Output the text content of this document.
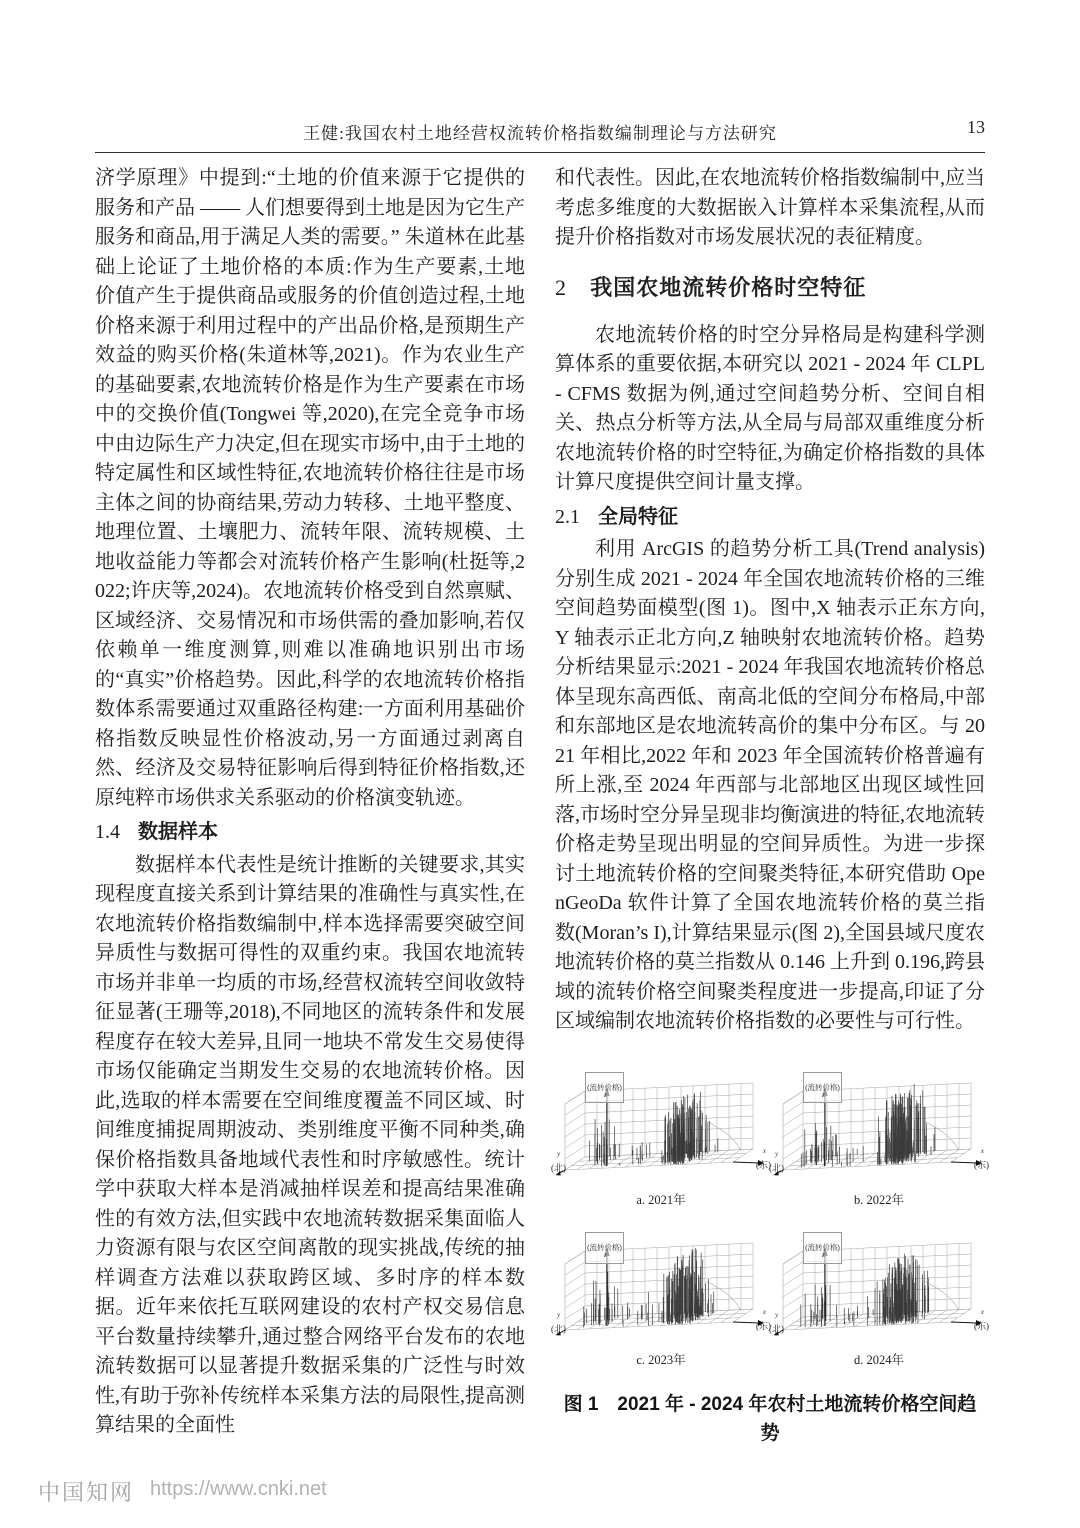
王健:我国农村土地经营权流转价格指数编制理论与方法研究	13

济学原理》中提到:“土地的价值来源于它提供的服务和产品 —— 人们想要得到土地是因为它生产服务和商品,用于满足人类的需要。” 朱道林在此基础上论证了土地价格的本质:作为生产要素,土地价值产生于提供商品或服务的价值创造过程,土地价格来源于利用过程中的产出品价格,是预期生产效益的购买价格(朱道林等,2021)。作为农业生产的基础要素,农地流转价格是作为生产要素在市场中的交换价值(Tongwei 等,2020),在完全竞争市场中由边际生产力决定,但在现实市场中,由于土地的特定属性和区域性特征,农地流转价格往往是市场主体之间的协商结果,劳动力转移、土地平整度、地理位置、土壤肥力、流转年限、流转规模、土地收益能力等都会对流转价格产生影响(杜挺等,2022;许庆等,2024)。农地流转价格受到自然禀赋、区域经济、交易情况和市场供需的叠加影响,若仅依赖单一维度测算,则难以准确地识别出市场的“真实”价格趋势。因此,科学的农地流转价格指数体系需要通过双重路径构建:一方面利用基础价格指数反映显性价格波动,另一方面通过剥离自然、经济及交易特征影响后得到特征价格指数,还原纯粹市场供求关系驱动的价格演变轨迹。

1.4 数据样本

数据样本代表性是统计推断的关键要求,其实现程度直接关系到计算结果的准确性与真实性,在农地流转价格指数编制中,样本选择需要突破空间异质性与数据可得性的双重约束。我国农地流转市场并非单一均质的市场,经营权流转空间收敛特征显著(王珊等,2018),不同地区的流转条件和发展程度存在较大差异,且同一地块不常发生交易使得市场仅能确定当期发生交易的农地流转价格。因此,选取的样本需要在空间维度覆盖不同区域、时间维度捕捉周期波动、类别维度平衡不同种类,确保价格指数具备地域代表性和时序敏感性。统计学中获取大样本是消减抽样误差和提高结果准确性的有效方法,但实践中农地流转数据采集面临人力资源有限与农区空间离散的现实挑战,传统的抽样调查方法难以获取跨区域、多时序的样本数据。近年来依托互联网建设的农村产权交易信息平台数量持续攀升,通过整合网络平台发布的农地流转数据可以显著提升数据采集的广泛性与时效性,有助于弥补传统样本采集方法的局限性,提高测算结果的全面性

和代表性。因此,在农地流转价格指数编制中,应当考虑多维度的大数据嵌入计算样本采集流程,从而提升价格指数对市场发展状况的表征精度。

2 我国农地流转价格时空特征

农地流转价格的时空分异格局是构建科学测算体系的重要依据,本研究以 2021 - 2024 年 CLPL - CFMS 数据为例,通过空间趋势分析、空间自相关、热点分析等方法,从全局与局部双重维度分析农地流转价格的时空特征,为确定价格指数的具体计算尺度提供空间计量支撑。

2.1 全局特征

利用 ArcGIS 的趋势分析工具(Trend analysis)分别生成 2021 - 2024 年全国农地流转价格的三维空间趋势面模型(图 1)。图中,X 轴表示正东方向,Y 轴表示正北方向,Z 轴映射农地流转价格。趋势分析结果显示:2021 - 2024 年我国农地流转价格总体呈现东高西低、南高北低的空间分布格局,中部和东部地区是农地流转高价的集中分布区。与 2021 年相比,2022 年和 2023 年全国流转价格普遍有所上涨,至 2024 年西部与北部地区出现区域性回落,市场时空分异呈现非均衡演进的特征,农地流转价格走势呈现出明显的空间异质性。为进一步探讨土地流转价格的空间聚类特征,本研究借助 OpenGeoDa 软件计算了全国农地流转价格的莫兰指数(Moran’s I),计算结果显示(图 2),全国县域尺度农地流转价格的莫兰指数从 0.146 上升到 0.196,跨县域的流转价格空间聚类程度进一步提高,印证了分区域编制农地流转价格指数的必要性与可行性。

(流转价格)
z
y
(北)
x
(东)
a. 2021年
(流转价格)
z
y
(北)
x
(东)
b. 2022年
(流转价格)
z
y
(北)
x
(东)
c. 2023年
(流转价格)
z
y
(北)
x
(东)
d. 2024年
图 1　2021 年 - 2024 年农村土地流转价格空间趋势
中国知网 https://www.cnki.net
